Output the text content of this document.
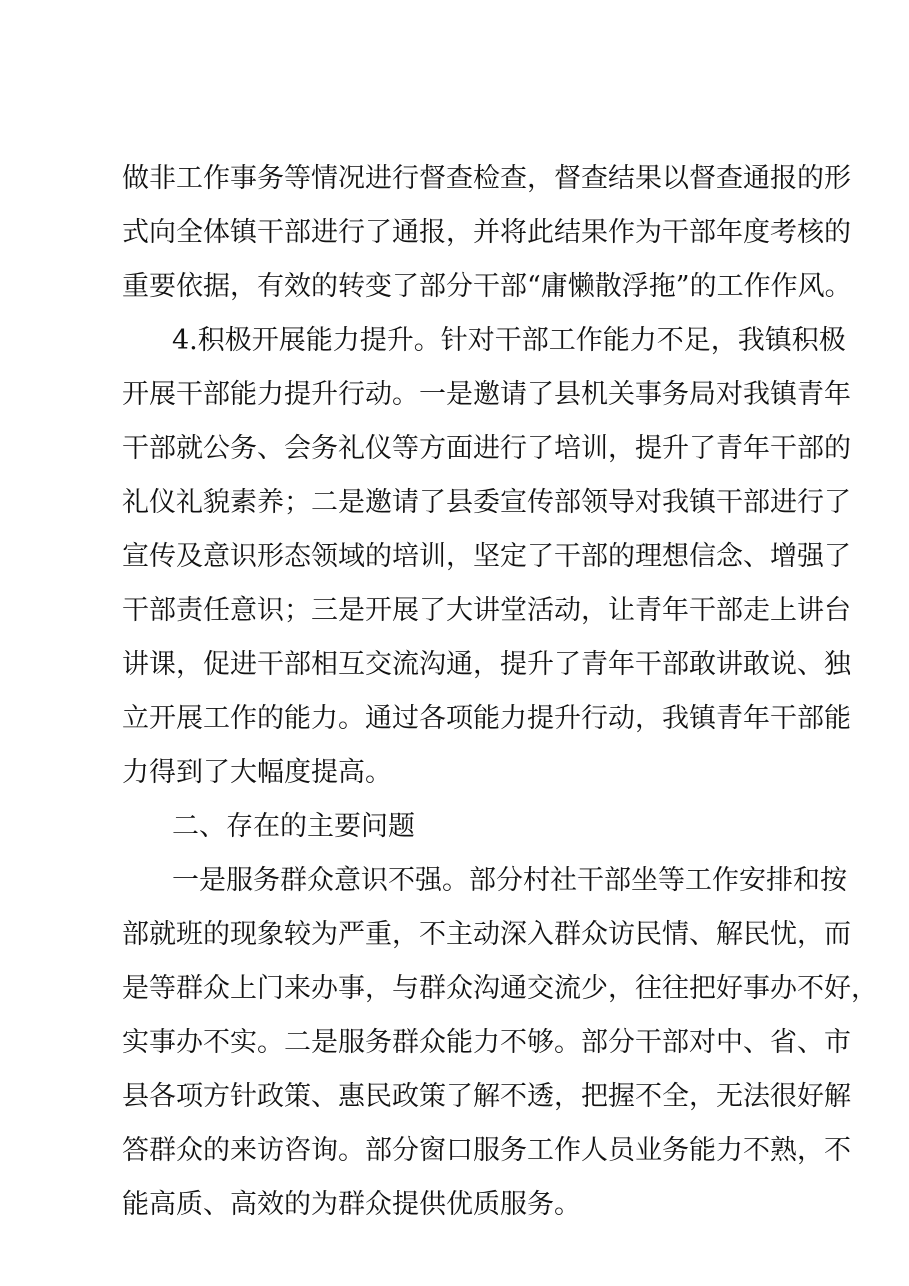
做非工作事务等情况进行督查检查，督查结果以督查通报的形
式向全体镇干部进行了通报，并将此结果作为干部年度考核的
重要依据，有效的转变了部分干部“庸懒散浮拖”的工作作风。
4.积极开展能力提升。针对干部工作能力不足，我镇积极
开展干部能力提升行动。一是邀请了县机关事务局对我镇青年
干部就公务、会务礼仪等方面进行了培训，提升了青年干部的
礼仪礼貌素养；二是邀请了县委宣传部领导对我镇干部进行了
宣传及意识形态领域的培训，坚定了干部的理想信念、增强了
干部责任意识；三是开展了大讲堂活动，让青年干部走上讲台
讲课，促进干部相互交流沟通，提升了青年干部敢讲敢说、独
立开展工作的能力。通过各项能力提升行动，我镇青年干部能
力得到了大幅度提高。
二、存在的主要问题
一是服务群众意识不强。部分村社干部坐等工作安排和按
部就班的现象较为严重，不主动深入群众访民情、解民忧，而
是等群众上门来办事，与群众沟通交流少，往往把好事办不好，
实事办不实。二是服务群众能力不够。部分干部对中、省、市
县各项方针政策、惠民政策了解不透，把握不全，无法很好解
答群众的来访咨询。部分窗口服务工作人员业务能力不熟，不
能高质、高效的为群众提供优质服务。
